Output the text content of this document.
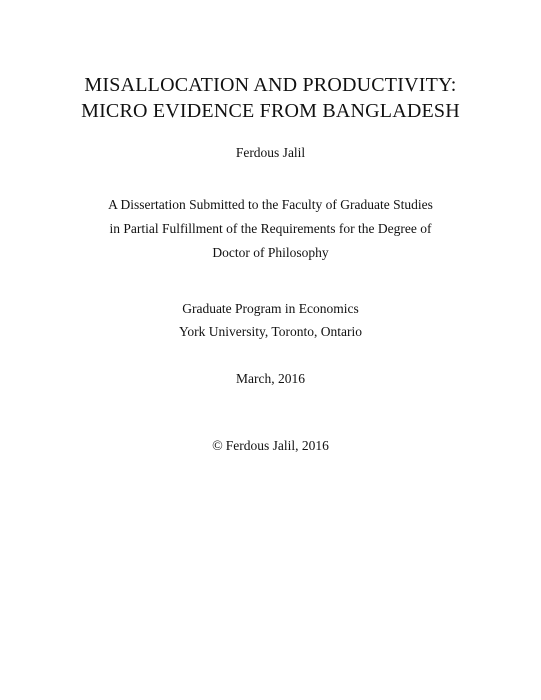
MISALLOCATION AND PRODUCTIVITY:
MICRO EVIDENCE FROM BANGLADESH
Ferdous Jalil
A Dissertation Submitted to the Faculty of Graduate Studies
in Partial Fulfillment of the Requirements for the Degree of
Doctor of Philosophy
Graduate Program in Economics
York University, Toronto, Ontario
March, 2016
© Ferdous Jalil, 2016
